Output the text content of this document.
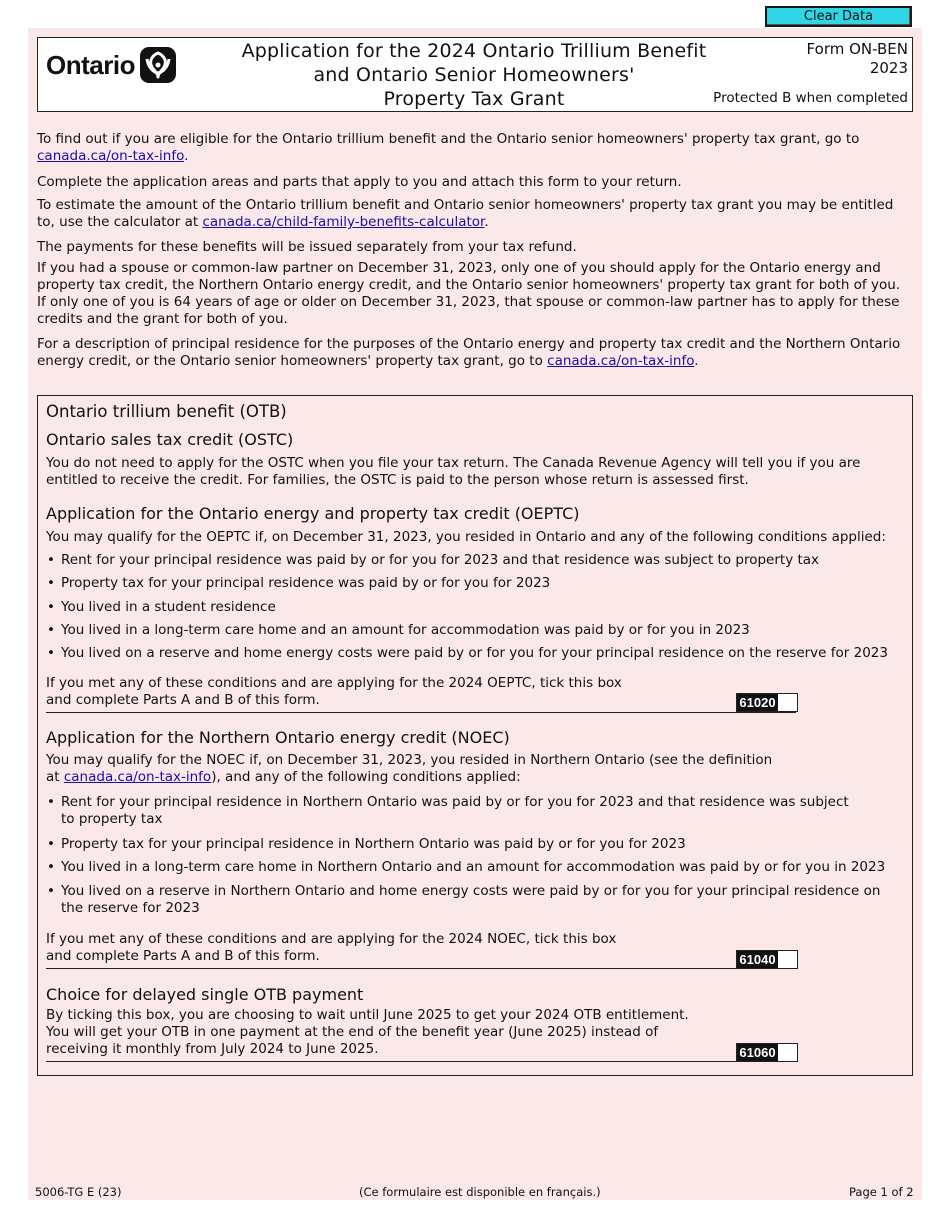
Clear Data
Ontario	Application for the 2024 Ontario Trillium Benefit
and Ontario Senior Homeowners'
Property Tax Grant
Form ON-BEN
2023
Protected B when completed

To find out if you are eligible for the Ontario trillium benefit and the Ontario senior homeowners' property tax grant, go to canada.ca/on-tax-info.

Complete the application areas and parts that apply to you and attach this form to your return.

To estimate the amount of the Ontario trillium benefit and Ontario senior homeowners' property tax grant you may be entitled to, use the calculator at canada.ca/child-family-benefits-calculator.

The payments for these benefits will be issued separately from your tax refund.

If you had a spouse or common-law partner on December 31, 2023, only one of you should apply for the Ontario energy and property tax credit, the Northern Ontario energy credit, and the Ontario senior homeowners' property tax grant for both of you. If only one of you is 64 years of age or older on December 31, 2023, that spouse or common-law partner has to apply for these credits and the grant for both of you.

For a description of principal residence for the purposes of the Ontario energy and property tax credit and the Northern Ontario energy credit, or the Ontario senior homeowners' property tax grant, go to canada.ca/on-tax-info.

Ontario trillium benefit (OTB)
Ontario sales tax credit (OSTC)
You do not need to apply for the OSTC when you file your tax return. The Canada Revenue Agency will tell you if you are entitled to receive the credit. For families, the OSTC is paid to the person whose return is assessed first.
Application for the Ontario energy and property tax credit (OEPTC)
You may qualify for the OEPTC if, on December 31, 2023, you resided in Ontario and any of the following conditions applied:
• Rent for your principal residence was paid by or for you for 2023 and that residence was subject to property tax
• Property tax for your principal residence was paid by or for you for 2023
• You lived in a student residence
• You lived in a long-term care home and an amount for accommodation was paid by or for you in 2023
• You lived on a reserve and home energy costs were paid by or for you for your principal residence on the reserve for 2023
If you met any of these conditions and are applying for the 2024 OEPTC, tick this box
and complete Parts A and B of this form.	61020
Application for the Northern Ontario energy credit (NOEC)
You may qualify for the NOEC if, on December 31, 2023, you resided in Northern Ontario (see the definition
at canada.ca/on-tax-info), and any of the following conditions applied:
• Rent for your principal residence in Northern Ontario was paid by or for you for 2023 and that residence was subject to property tax
• Property tax for your principal residence in Northern Ontario was paid by or for you for 2023
• You lived in a long-term care home in Northern Ontario and an amount for accommodation was paid by or for you in 2023
• You lived on a reserve in Northern Ontario and home energy costs were paid by or for you for your principal residence on the reserve for 2023
If you met any of these conditions and are applying for the 2024 NOEC, tick this box
and complete Parts A and B of this form.	61040
Choice for delayed single OTB payment
By ticking this box, you are choosing to wait until June 2025 to get your 2024 OTB entitlement.
You will get your OTB in one payment at the end of the benefit year (June 2025) instead of
receiving it monthly from July 2024 to June 2025.	61060
5006-TG E (23)	(Ce formulaire est disponible en français.)	Page 1 of 2
